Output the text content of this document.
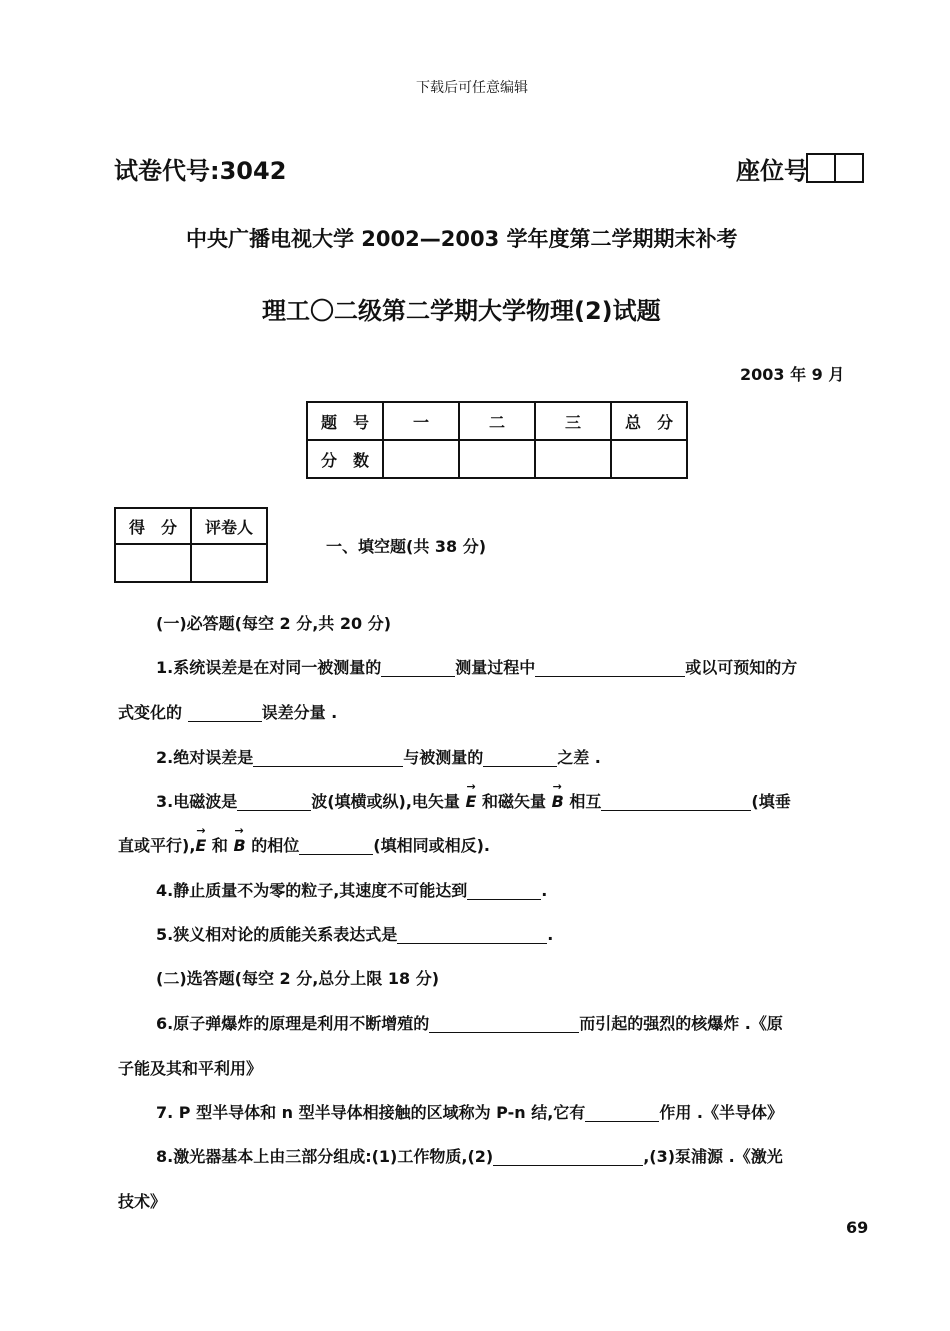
下载后可任意编辑
试卷代号:3042	座位号
中央广播电视大学 2002—2003 学年度第二学期期末补考
理工〇二级第二学期大学物理(2)试题
2003 年 9 月
题　号	一	二	三	总　分
分　数				
得　分	评卷人

一、填空题(共 38 分)
(一)必答题(每空 2 分,共 20 分)
1.系统误差是在对同一被测量的	测量过程中	或以可预知的方
式变化的	误差分量 .
2.绝对误差是	与被测量的	之差 .
3.电磁波是	波(填横或纵),电矢量 → E 和磁矢量 → B 相互	(填垂
直或平行),→ E 和 → B 的相位	(填相同或相反).
4.静止质量不为零的粒子,其速度不可能达到	.
5.狭义相对论的质能关系表达式是	.
(二)选答题(每空 2 分,总分上限 18 分)
6.原子弹爆炸的原理是利用不断增殖的	而引起的强烈的核爆炸 .《原
子能及其和平利用》
7. P 型半导体和 n 型半导体相接触的区域称为 P-n 结,它有	作用 .《半导体》
8.激光器基本上由三部分组成:(1)工作物质,(2)	,(3)泵浦源 .《激光
技术》
69
